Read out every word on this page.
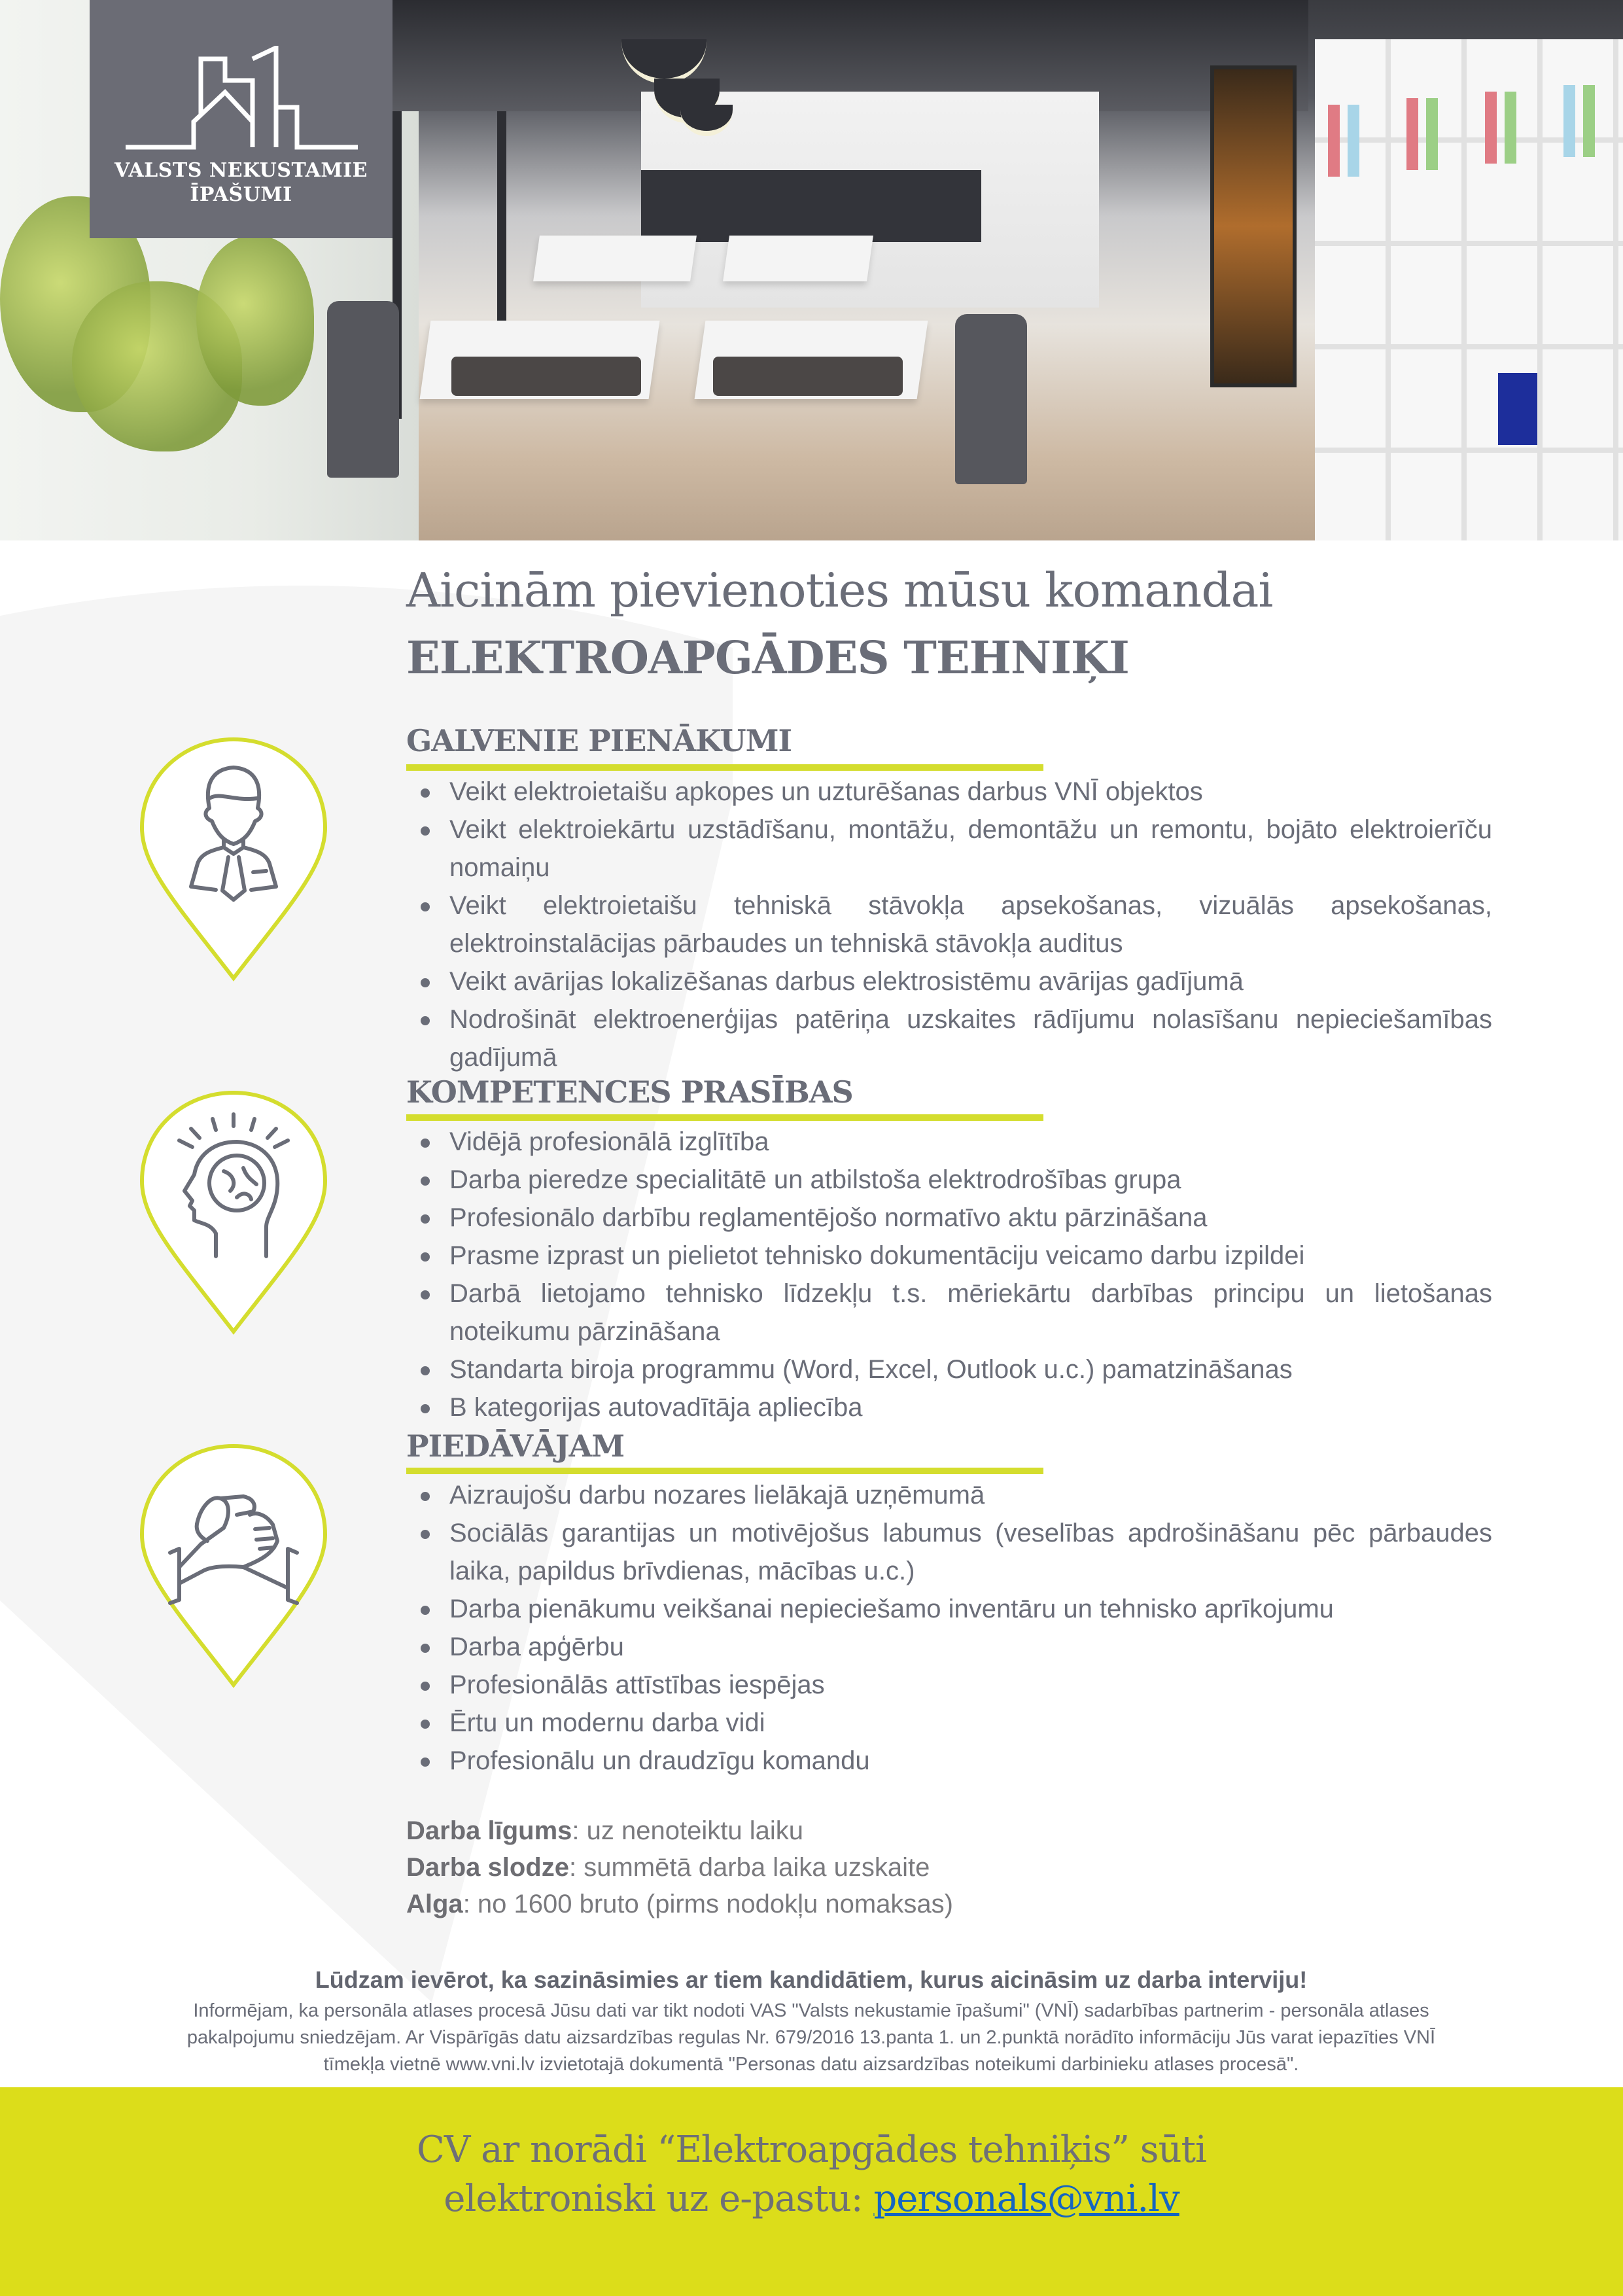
VALSTS NEKUSTAMIE
ĪPAŠUMI
Aicinām pievienoties mūsu komandai
ELEKTROAPGĀDES TEHNIĶI
GALVENIE PIENĀKUMI
Veikt elektroietaišu apkopes un uzturēšanas darbus VNĪ objektos
Veikt elektroiekārtu uzstādīšanu, montāžu, demontāžu un remontu, bojāto elektroierīču nomaiņu
Veikt elektroietaišu tehniskā stāvokļa apsekošanas, vizuālās apsekošanas, elektroinstalācijas pārbaudes un tehniskā stāvokļa auditus
Veikt avārijas lokalizēšanas darbus elektrosistēmu avārijas gadījumā
Nodrošināt elektroenerģijas patēriņa uzskaites rādījumu nolasīšanu nepieciešamības gadījumā
KOMPETENCES PRASĪBAS
Vidējā profesionālā izglītība
Darba pieredze specialitātē un atbilstoša elektrodrošības grupa
Profesionālo darbību reglamentējošo normatīvo aktu pārzināšana
Prasme izprast un pielietot tehnisko dokumentāciju veicamo darbu izpildei
Darbā lietojamo tehnisko līdzekļu t.s. mēriekārtu darbības principu un lietošanas noteikumu pārzināšana
Standarta biroja programmu (Word, Excel, Outlook u.c.) pamatzināšanas
B kategorijas autovadītāja apliecība
PIEDĀVĀJAM
Aizraujošu darbu nozares lielākajā uzņēmumā
Sociālās garantijas un motivējošus labumus (veselības apdrošināšanu pēc pārbaudes laika, papildus brīvdienas, mācības u.c.)
Darba pienākumu veikšanai nepieciešamo inventāru un tehnisko aprīkojumu
Darba apģērbu
Profesionālās attīstības iespējas
Ērtu un modernu darba vidi
Profesionālu un draudzīgu komandu
Darba līgums: uz nenoteiktu laiku
Darba slodze: summētā darba laika uzskaite
Alga: no 1600 bruto (pirms nodokļu nomaksas)
Lūdzam ievērot, ka sazināsimies ar tiem kandidātiem, kurus aicināsim uz darba interviju!
Informējam, ka personāla atlases procesā Jūsu dati var tikt nodoti VAS "Valsts nekustamie īpašumi" (VNĪ) sadarbības partnerim - personāla atlases
pakalpojumu sniedzējam. Ar Vispārīgās datu aizsardzības regulas Nr. 679/2016 13.panta 1. un 2.punktā norādīto informāciju Jūs varat iepazīties VNĪ
tīmekļa vietnē www.vni.lv izvietotajā dokumentā "Personas datu aizsardzības noteikumi darbinieku atlases procesā".
CV ar norādi “Elektroapgādes tehniķis” sūti
elektroniski uz e-pastu: personals@vni.lv
